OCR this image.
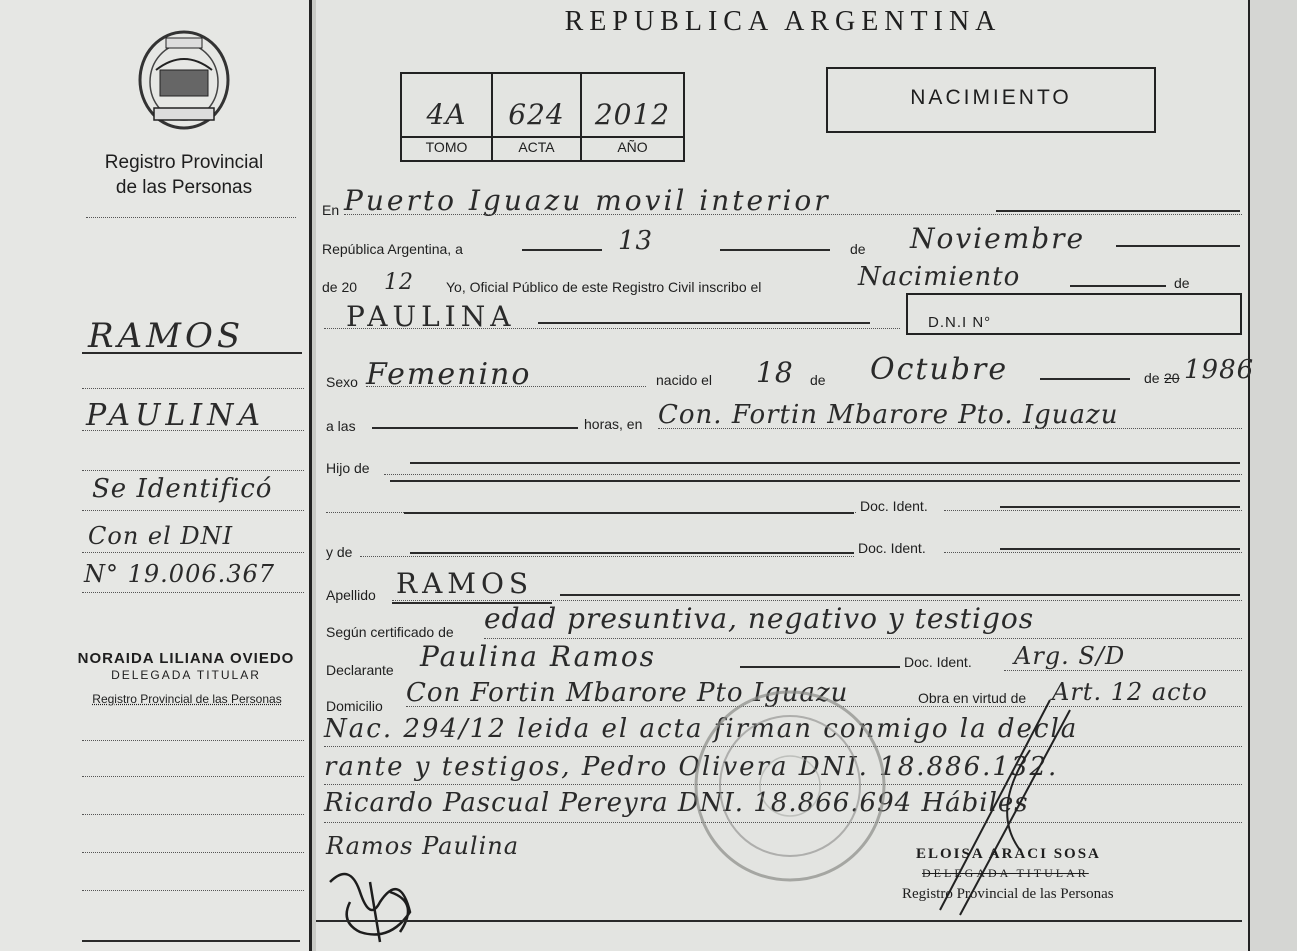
Registro Provincial
de las Personas
RAMOS
PAULINA
Se Identificó
Con el DNI
N° 19.006.367
NORAIDA LILIANA OVIEDO
DELEGADA TITULAR
Registro Provincial de las Personas
REPUBLICA ARGENTINA
4A	624	2012
TOMO	ACTA	AÑO
NACIMIENTO
En Puerto Iguazu movil interior
República Argentina, a	13	de Noviembre
de 20 12 Yo, Oficial Público de este Registro Civil inscribo el	Nacimiento	de
PAULINA	D.N.I N°
Sexo Femenino	nacido el 18 de Octubre	de 20 1986
a las	horas, en Con. Fortin Mbarore Pto. Iguazu
Hijo de
Doc. Ident.
y de	Doc. Ident.
Apellido RAMOS
Según certificado de edad presuntiva, negativo y testigos
Declarante Paulina Ramos	Doc. Ident. Arg. S/D
Domicilio Con Fortin Mbarore Pto Iguazu	Obra en virtud de Art. 12 acto
Nac. 294/12 leida el acta firman conmigo la decla
rante y testigos, Pedro Olivera DNI. 18.886.132.
Ricardo Pascual Pereyra DNI. 18.866.694 Hábiles
Ramos Paulina	ELOISA ARACI SOSA
DELEGADA TITULAR
Registro Provincial de las Personas
